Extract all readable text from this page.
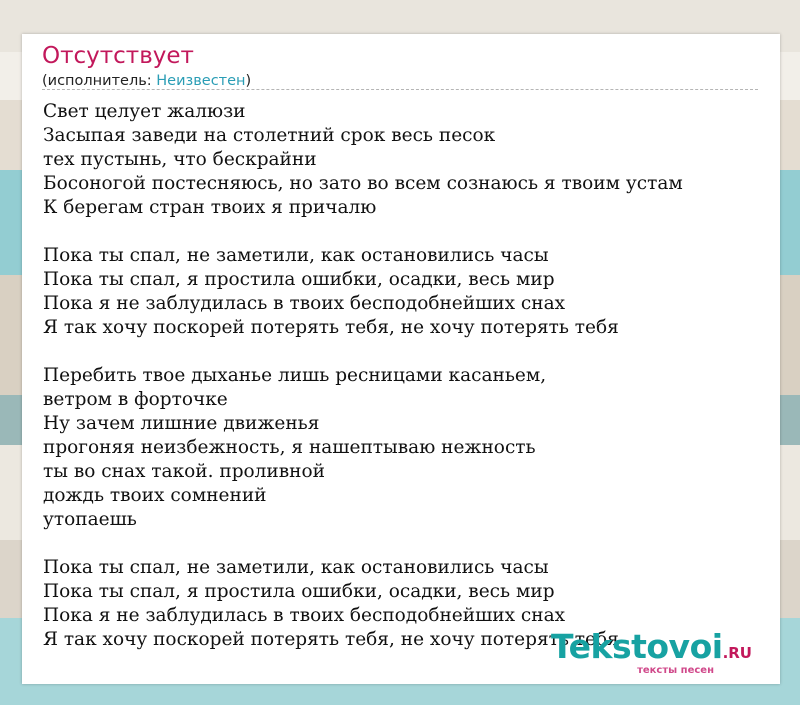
Отсутствует
(исполнитель: Неизвестен)
Свет целует жалюзи
Засыпая заведи на столетний срок весь песок
тех пустынь, что бескрайни
Босоногой постесняюсь, но зато во всем сознаюсь я твоим устам
К берегам стран твоих я причалю
Пока ты спал, не заметили, как остановились часы
Пока ты спал, я простила ошибки, осадки, весь мир
Пока я не заблудилась в твоих бесподобнейших снах
Я так хочу поскорей потерять тебя, не хочу потерять тебя
Перебить твое дыханье лишь ресницами касаньем,
ветром в форточке
Ну зачем лишние движенья
прогоняя неизбежность, я нашептываю нежность
ты во снах такой. проливной
дождь твоих сомнений
утопаешь
Пока ты спал, не заметили, как остановились часы
Пока ты спал, я простила ошибки, осадки, весь мир
Пока я не заблудилась в твоих бесподобнейших снах
Я так хочу поскорей потерять тебя, не хочу потерять тебя
Tekstovoi.RU
тексты песен
